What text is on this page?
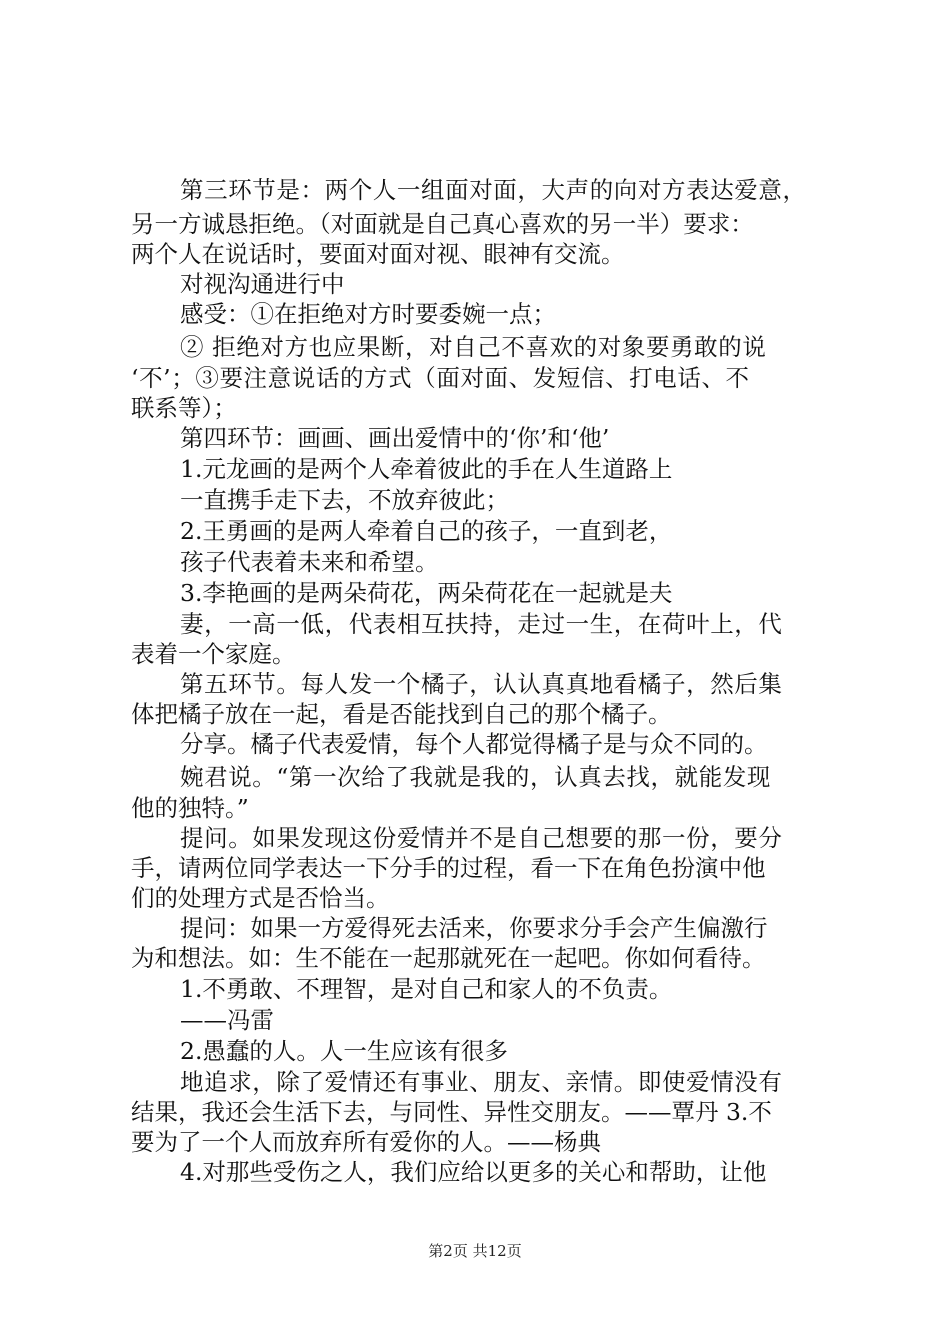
第三环节是：两个人一组面对面，大声的向对方表达爱意，
另一方诚恳拒绝。（对面就是自己真心喜欢的另一半）要求：
两个人在说话时，要面对面对视、眼神有交流。
对视沟通进行中
感受：①在拒绝对方时要委婉一点；
② 拒绝对方也应果断，对自己不喜欢的对象要勇敢的说
‘不’；③要注意说话的方式（面对面、发短信、打电话、不
联系等）；
第四环节：画画、画出爱情中的‘你’和‘他’
1.元龙画的是两个人牵着彼此的手在人生道路上
一直携手走下去，不放弃彼此；
2.王勇画的是两人牵着自己的孩子，一直到老，
孩子代表着未来和希望。
3.李艳画的是两朵荷花，两朵荷花在一起就是夫
妻，一高一低，代表相互扶持，走过一生，在荷叶上，代
表着一个家庭。
第五环节。每人发一个橘子，认认真真地看橘子，然后集
体把橘子放在一起，看是否能找到自己的那个橘子。
分享。橘子代表爱情，每个人都觉得橘子是与众不同的。
婉君说。“第一次给了我就是我的，认真去找，就能发现
他的独特。”
提问。如果发现这份爱情并不是自己想要的那一份，要分
手，请两位同学表达一下分手的过程，看一下在角色扮演中他
们的处理方式是否恰当。
提问：如果一方爱得死去活来，你要求分手会产生偏激行
为和想法。如：生不能在一起那就死在一起吧。你如何看待。
1.不勇敢、不理智，是对自己和家人的不负责。
——冯雷
2.愚蠢的人。人一生应该有很多
地追求，除了爱情还有事业、朋友、亲情。即使爱情没有
结果，我还会生活下去，与同性、异性交朋友。——覃丹 3.不
要为了一个人而放弃所有爱你的人。——杨典
4.对那些受伤之人，我们应给以更多的关心和帮助，让他
第2页 共12页
